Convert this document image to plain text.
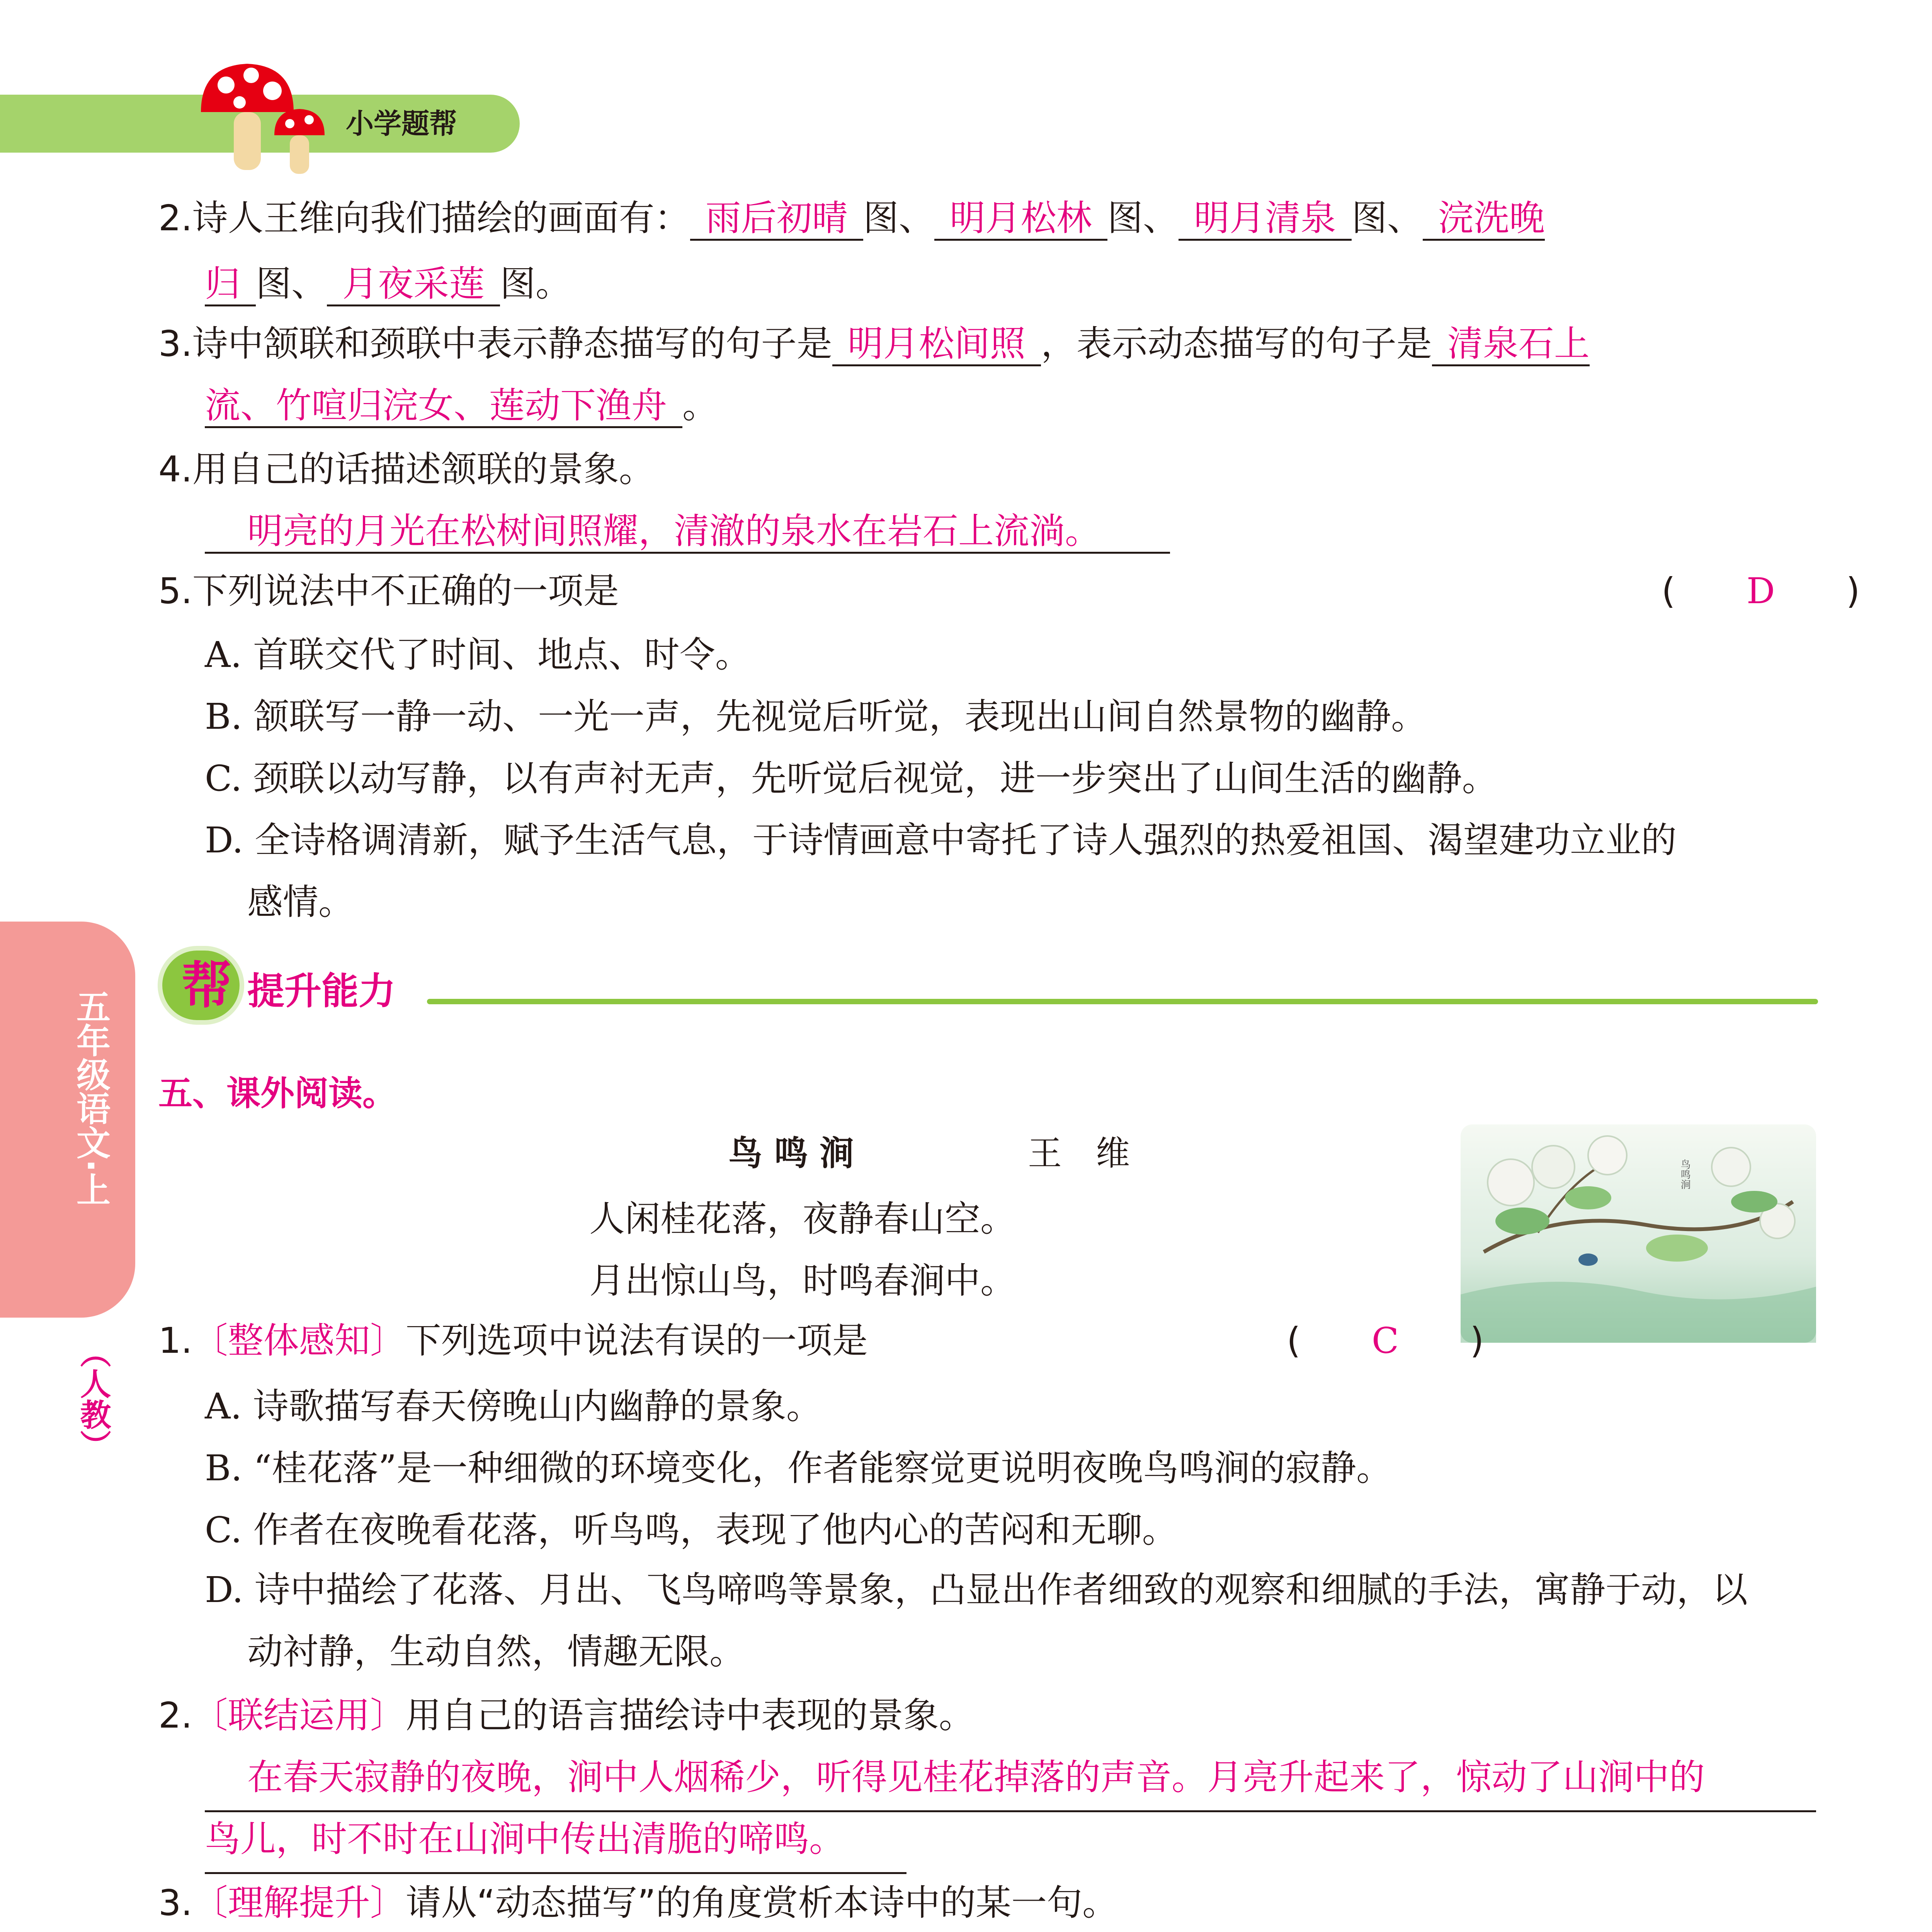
小学题帮
2.诗人王维向我们描绘的画面有： 雨后初晴 图、 明月松林 图、 明月清泉 图、 浣洗晚
归 图、 月夜采莲 图。
3.诗中颔联和颈联中表示静态描写的句子是 明月松间照 ，表示动态描写的句子是 清泉石上
流、竹喧归浣女、莲动下渔舟 。
4.用自己的话描述颔联的景象。
明亮的月光在松树间照耀，清澈的泉水在岩石上流淌。
5.下列说法中不正确的一项是	(　　D　　)
A. 首联交代了时间、地点、时令。
B. 颔联写一静一动、一光一声，先视觉后听觉，表现出山间自然景物的幽静。
C. 颈联以动写静，以有声衬无声，先听觉后视觉，进一步突出了山间生活的幽静。
D. 全诗格调清新，赋予生活气息，于诗情画意中寄托了诗人强烈的热爱祖国、渴望建功立业的
感情。
五年级语文·上
（人教）
帮 提升能力
五、课外阅读。
鸟鸣涧	王　维
人闲桂花落，夜静春山空。
月出惊山鸟，时鸣春涧中。
鸟鸣涧
1.〔整体感知〕下列选项中说法有误的一项是	(　　C　　)
A. 诗歌描写春天傍晚山内幽静的景象。
B. “桂花落”是一种细微的环境变化，作者能察觉更说明夜晚鸟鸣涧的寂静。
C. 作者在夜晚看花落，听鸟鸣，表现了他内心的苦闷和无聊。
D. 诗中描绘了花落、月出、飞鸟啼鸣等景象，凸显出作者细致的观察和细腻的手法，寓静于动，以
动衬静，生动自然，情趣无限。
2.〔联结运用〕用自己的语言描绘诗中表现的景象。
在春天寂静的夜晚，涧中人烟稀少，听得见桂花掉落的声音。月亮升起来了，惊动了山涧中的
鸟儿，时不时在山涧中传出清脆的啼鸣。
3.〔理解提升〕请从“动态描写”的角度赏析本诗中的某一句。
